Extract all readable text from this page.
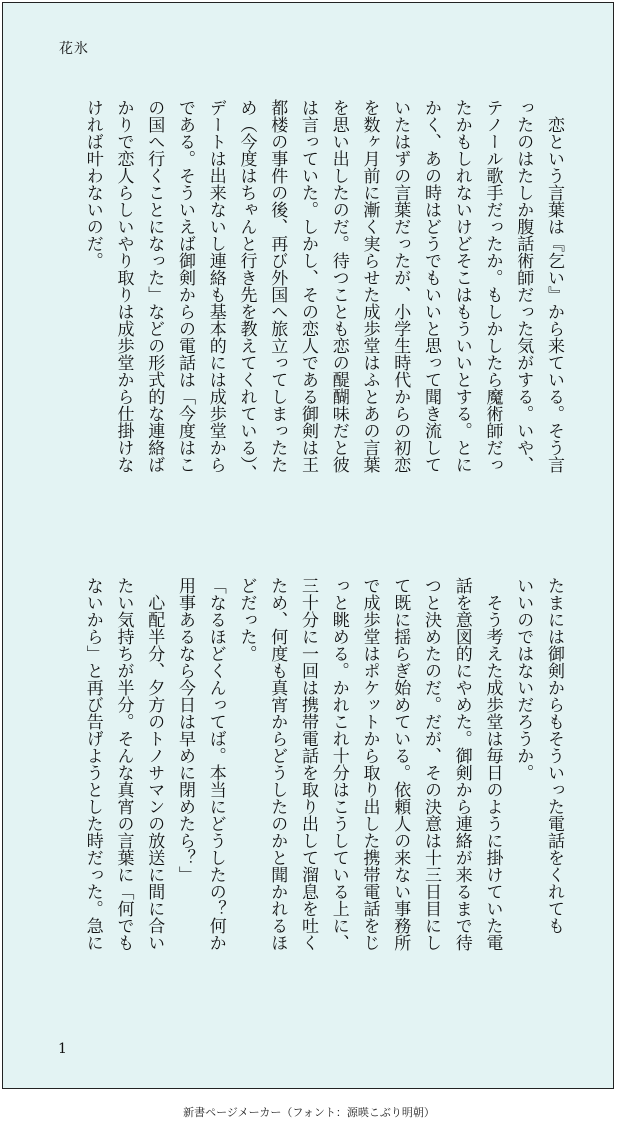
花氷

　恋という言葉は『乞い』から来ている。そう言

ったのはたしか腹話術師だった気がする。いや、

テノール歌手だったか。もしかしたら魔術師だっ

たかもしれないけどそこはもういいとする。とに

かく、あの時はどうでもいいと思って聞き流して

いたはずの言葉だったが、小学生時代からの初恋

を数ヶ月前に漸く実らせた成歩堂はふとあの言葉

を思い出したのだ。待つことも恋の醍醐味だと彼

は言っていた。しかし、その恋人である御剣は王

都楼の事件の後、再び外国へ旅立ってしまったた

め（今度はちゃんと行き先を教えてくれている）、

デートは出来ないし連絡も基本的には成歩堂から

である。そういえば御剣からの電話は「今度はこ

の国へ行くことになった」などの形式的な連絡ば

かりで恋人らしいやり取りは成歩堂から仕掛けな

ければ叶わないのだ。

たまには御剣からもそういった電話をくれても

いいのではないだろうか。

　そう考えた成歩堂は毎日のように掛けていた電

話を意図的にやめた。御剣から連絡が来るまで待

つと決めたのだ。だが、その決意は十三日目にし

て既に揺らぎ始めている。依頼人の来ない事務所

で成歩堂はポケットから取り出した携帯電話をじ

っと眺める。かれこれ十分はこうしている上に、

三十分に一回は携帯電話を取り出して溜息を吐く

ため、何度も真宵からどうしたのかと聞かれるほ

どだった。

「なるほどくんってば。本当にどうしたの？何か

用事あるなら今日は早めに閉めたら？」

　心配半分、夕方のトノサマンの放送に間に合い

たい気持ちが半分。そんな真宵の言葉に「何でも

ないから」と再び告げようとした時だった。急に

1
新書ページメーカー（フォント：源暎こぶり明朝）
